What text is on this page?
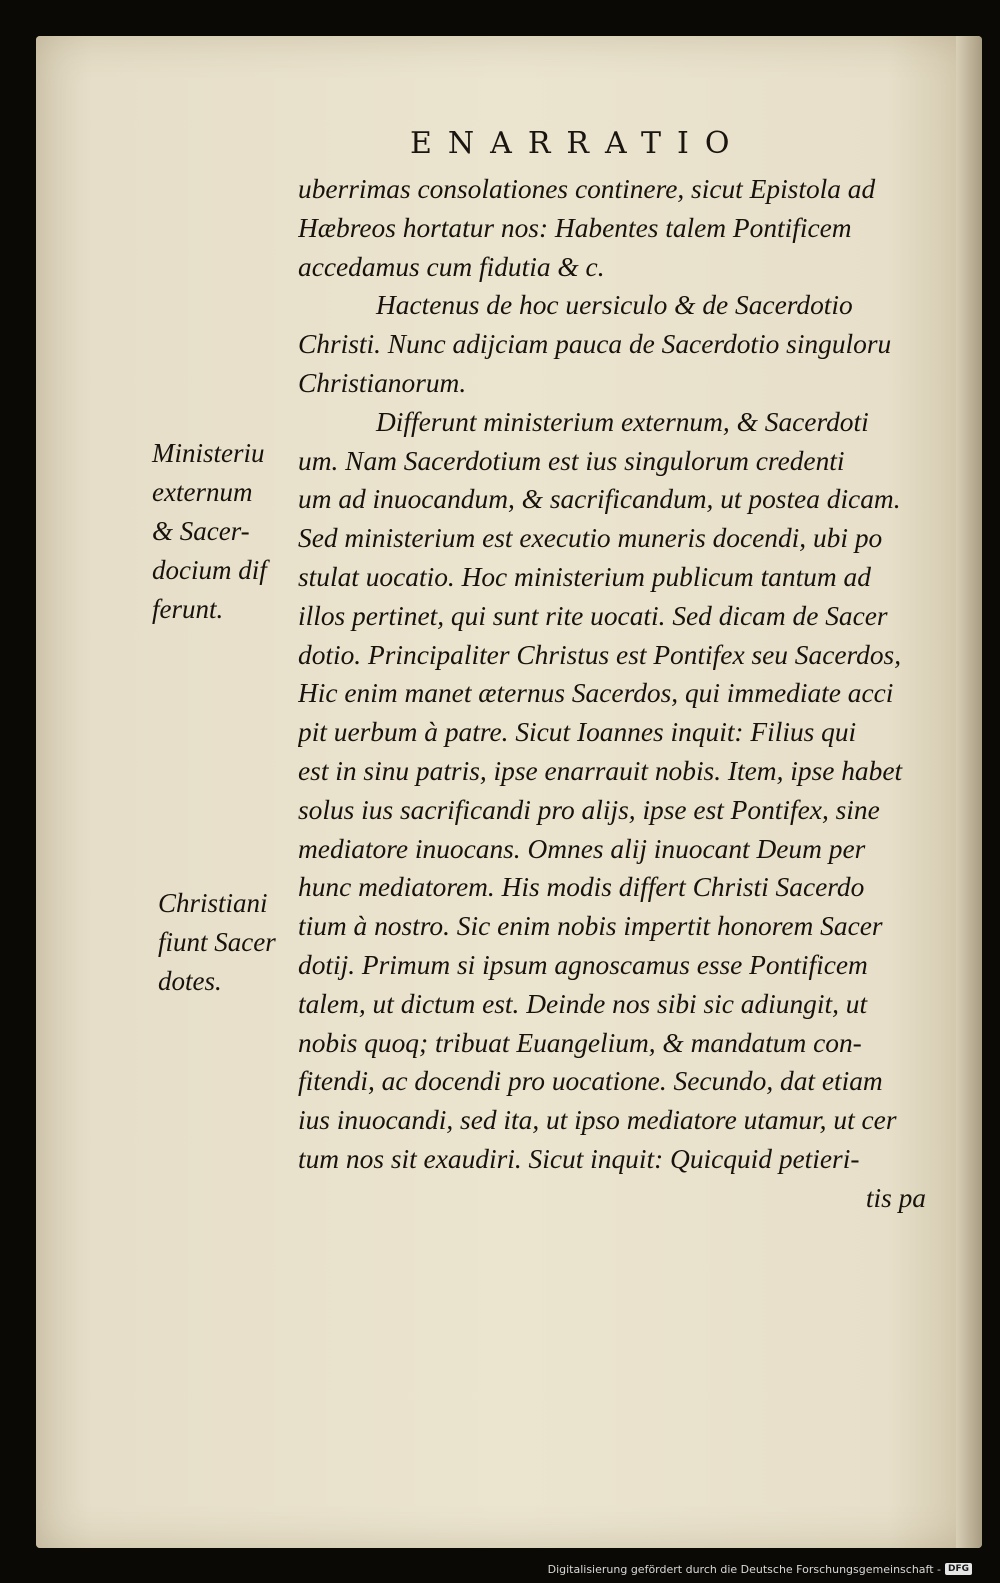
ENARRATIO
uberrimas consolationes continere, sicut Epistola ad
Hæbreos hortatur nos: Habentes talem Pontificem
accedamus cum fidutia & c.
Hactenus de hoc uersiculo & de Sacerdotio
Christi. Nunc adijciam pauca de Sacerdotio singuloru
Christianorum.
Differunt ministerium externum, & Sacerdoti
um. Nam Sacerdotium est ius singulorum credenti
um ad inuocandum, & sacrificandum, ut postea dicam.
Sed ministerium est executio muneris docendi, ubi po
stulat uocatio. Hoc ministerium publicum tantum ad
illos pertinet, qui sunt rite uocati. Sed dicam de Sacer
dotio. Principaliter Christus est Pontifex seu Sacerdos,
Hic enim manet æternus Sacerdos, qui immediate acci
pit uerbum à patre. Sicut Ioannes inquit: Filius qui
est in sinu patris, ipse enarrauit nobis. Item, ipse habet
solus ius sacrificandi pro alijs, ipse est Pontifex, sine
mediatore inuocans. Omnes alij inuocant Deum per
hunc mediatorem. His modis differt Christi Sacerdo
tium à nostro. Sic enim nobis impertit honorem Sacer
dotij. Primum si ipsum agnoscamus esse Pontificem
talem, ut dictum est. Deinde nos sibi sic adiungit, ut
nobis quoq; tribuat Euangelium, & mandatum con-
fitendi, ac docendi pro uocatione. Secundo, dat etiam
ius inuocandi, sed ita, ut ipso mediatore utamur, ut cer
tum nos sit exaudiri. Sicut inquit: Quicquid petieri-
tis pa
Ministeriu
externum
& Sacer-
docium dif
ferunt.
Christiani
fiunt Sacer
dotes.
Digitalisierung gefördert durch die Deutsche Forschungsgemeinschaft - DFG
